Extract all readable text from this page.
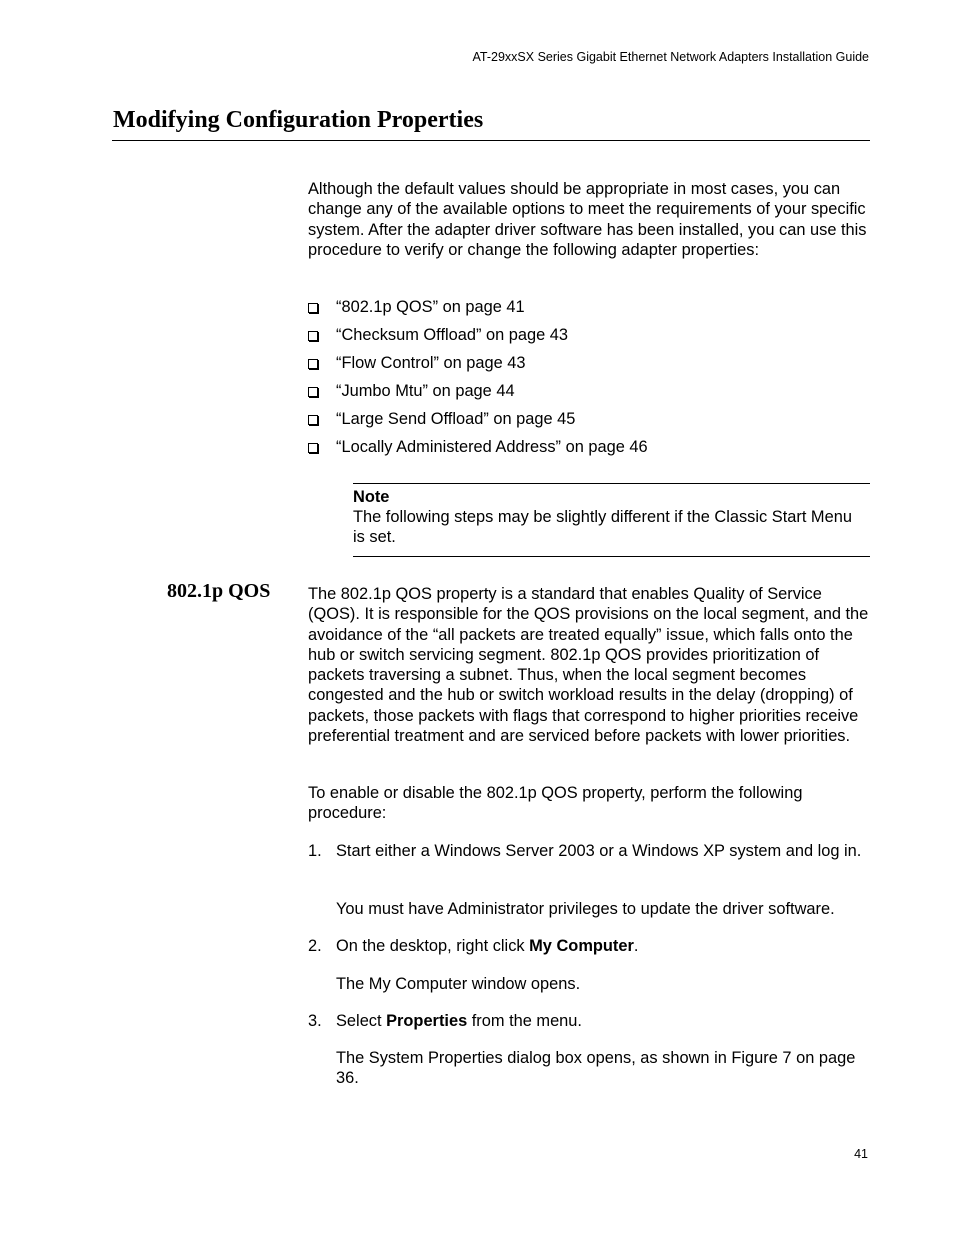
AT-29xxSX Series Gigabit Ethernet Network Adapters Installation Guide
Modifying Configuration Properties

Although the default values should be appropriate in most cases, you can change any of the available options to meet the requirements of your specific system. After the adapter driver software has been installed, you can use this procedure to verify or change the following adapter properties:

“802.1p QOS” on page 41
“Checksum Offload” on page 43
“Flow Control” on page 43
“Jumbo Mtu” on page 44
“Large Send Offload” on page 45
“Locally Administered Address” on page 46
Note

The following steps may be slightly different if the Classic Start Menu is set.

802.1p QOS The 802.1p QOS property is a standard that enables Quality of Service (QOS). It is responsible for the QOS provisions on the local segment, and the avoidance of the “all packets are treated equally” issue, which falls onto the hub or switch servicing segment. 802.1p QOS provides prioritization of packets traversing a subnet. Thus, when the local segment becomes congested and the hub or switch workload results in the delay (dropping) of packets, those packets with flags that correspond to higher priorities receive preferential treatment and are serviced before packets with lower priorities.

To enable or disable the 802.1p QOS property, perform the following procedure:

1. Start either a Windows Server 2003 or a Windows XP system and log in.

You must have Administrator privileges to update the driver software.

2. On the desktop, right click My Computer.

The My Computer window opens.

3. Select Properties from the menu.

The System Properties dialog box opens, as shown in Figure 7 on page 36.

41
